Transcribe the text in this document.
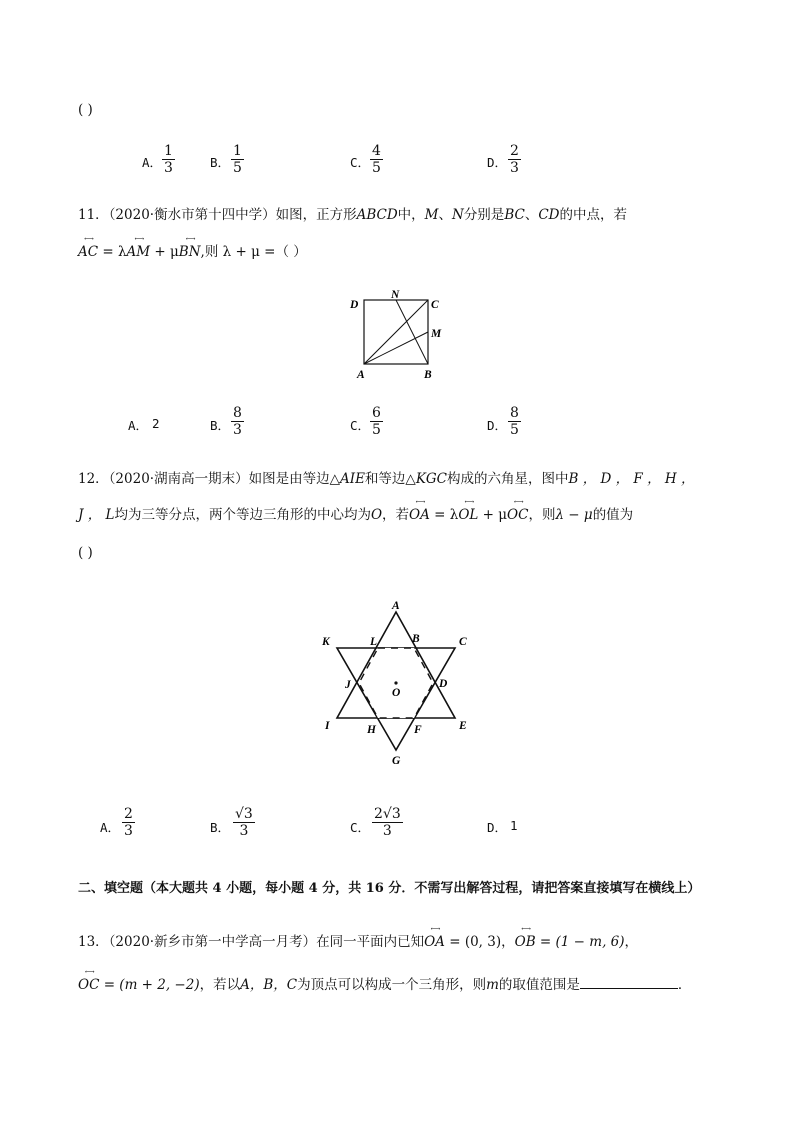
( )
A．
1
3	B．
1
5	C．
4
5	D．
2
3
11．（2020·衡水市第十四中学）如图，正方形ABCD中，M、N分别是BC、CD的中点，若
←→ AC = λ←→ AM + μ←→ BN,则 λ + μ =（ ）
D
N
C
M
A	B
A． 2	B．
8
3	C．
6
5	D．
8
5
12．（2020·湖南高一期末）如图是由等边△AIE和等边△KGC构成的六角星，图中B ， D ， F ， H ，
J ， L均为三等分点，两个等边三角形的中心均为O，若←→ OA = λ←→ OL + μ←→ OC，则λ − μ的值为
( )
A
K	L	B	C
J
O
D
I	H	F	E
G
A．
2
3	B．
√3
3	C．
2√3
3	D． 1
二、填空题（本大题共 4 小题，每小题 4 分，共 16 分．不需写出解答过程，请把答案直接填写在横线上）
13．（2020·新乡市第一中学高一月考）在同一平面内已知←→ OA = (0, 3)，←→ OB = (1 − m, 6)，
←→ OC = (m + 2, −2)，若以A，B，C为顶点可以构成一个三角形，则m的取值范围是	．
